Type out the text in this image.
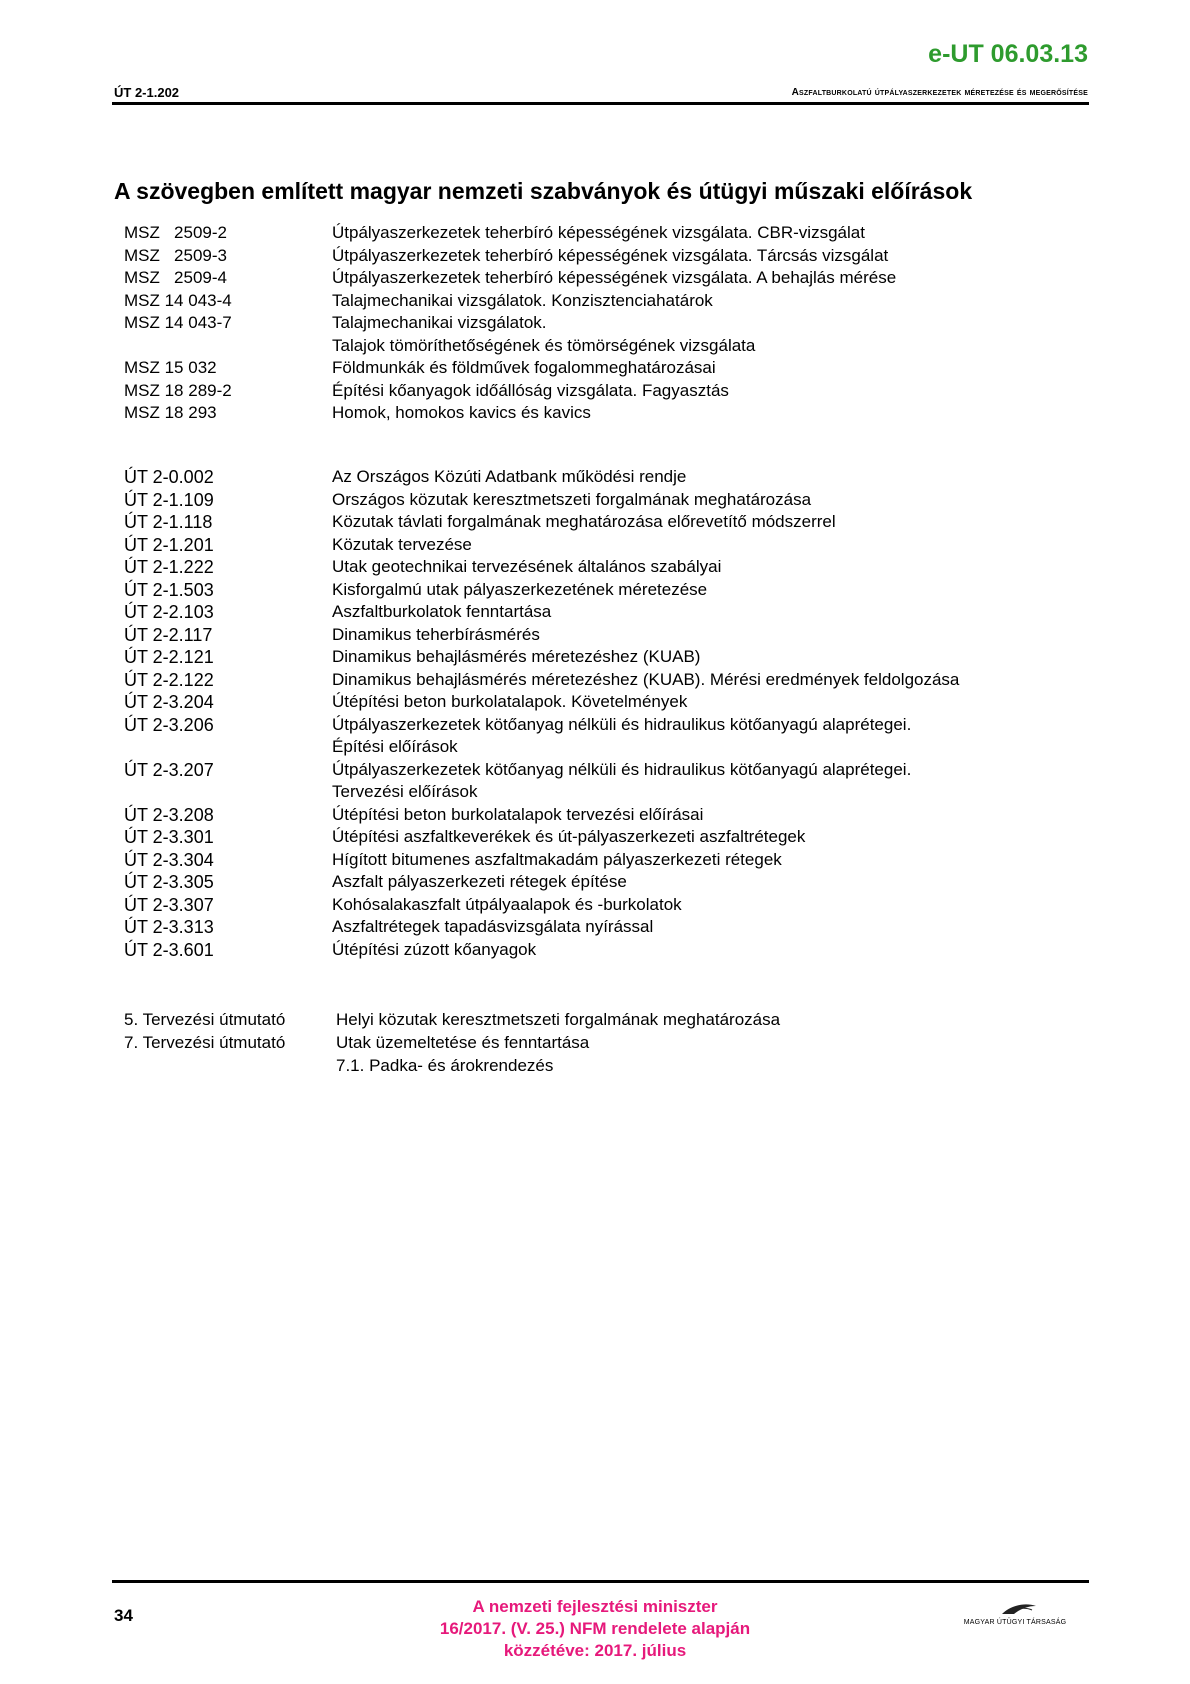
e-UT 06.03.13
ÚT 2-1.202	Aszfaltburkolatú útpályaszerkezetek méretezése és megerősítése
A szövegben említett magyar nemzeti szabványok és útügyi műszaki előírások
MSZ   2509-2	Útpályaszerkezetek teherbíró képességének vizsgálata. CBR-vizsgálat
MSZ   2509-3	Útpályaszerkezetek teherbíró képességének vizsgálata. Tárcsás vizsgálat
MSZ   2509-4	Útpályaszerkezetek teherbíró képességének vizsgálata. A behajlás mérése
MSZ 14 043-4	Talajmechanikai vizsgálatok. Konzisztenciahatárok
MSZ 14 043-7	Talajmechanikai vizsgálatok.
Talajok tömöríthetőségének és tömörségének vizsgálata
MSZ 15 032	Földmunkák és földművek fogalommeghatározásai
MSZ 18 289-2	Építési kőanyagok időállóság vizsgálata. Fagyasztás
MSZ 18 293	Homok, homokos kavics és kavics
ÚT 2-0.002	Az Országos Közúti Adatbank működési rendje
ÚT 2-1.109	Országos közutak keresztmetszeti forgalmának meghatározása
ÚT 2-1.118	Közutak távlati forgalmának meghatározása előrevetítő módszerrel
ÚT 2-1.201	Közutak tervezése
ÚT 2-1.222	Utak geotechnikai tervezésének általános szabályai
ÚT 2-1.503	Kisforgalmú utak pályaszerkezetének méretezése
ÚT 2-2.103	Aszfaltburkolatok fenntartása
ÚT 2-2.117	Dinamikus teherbírásmérés
ÚT 2-2.121	Dinamikus behajlásmérés méretezéshez (KUAB)
ÚT 2-2.122	Dinamikus behajlásmérés méretezéshez (KUAB). Mérési eredmények feldolgozása
ÚT 2-3.204	Útépítési beton burkolatalapok. Követelmények
ÚT 2-3.206	Útpályaszerkezetek kötőanyag nélküli és hidraulikus kötőanyagú alaprétegei.
Építési előírások
ÚT 2-3.207	Útpályaszerkezetek kötőanyag nélküli és hidraulikus kötőanyagú alaprétegei.
Tervezési előírások
ÚT 2-3.208	Útépítési beton burkolatalapok tervezési előírásai
ÚT 2-3.301	Útépítési aszfaltkeverékek és út-pályaszerkezeti aszfaltrétegek
ÚT 2-3.304	Hígított bitumenes aszfaltmakadám pályaszerkezeti rétegek
ÚT 2-3.305	Aszfalt pályaszerkezeti rétegek építése
ÚT 2-3.307	Kohósalakaszfalt útpályaalapok és -burkolatok
ÚT 2-3.313	Aszfaltrétegek tapadásvizsgálata nyírással
ÚT 2-3.601	Útépítési zúzott kőanyagok
5. Tervezési útmutató	Helyi közutak keresztmetszeti forgalmának meghatározása
7. Tervezési útmutató	Utak üzemeltetése és fenntartása
7.1. Padka- és árokrendezés
34	A nemzeti fejlesztési miniszter
16/2017. (V. 25.) NFM rendelete alapján
közzétéve: 2017. július
MAGYAR ÚTÜGYI TÁRSASÁG
